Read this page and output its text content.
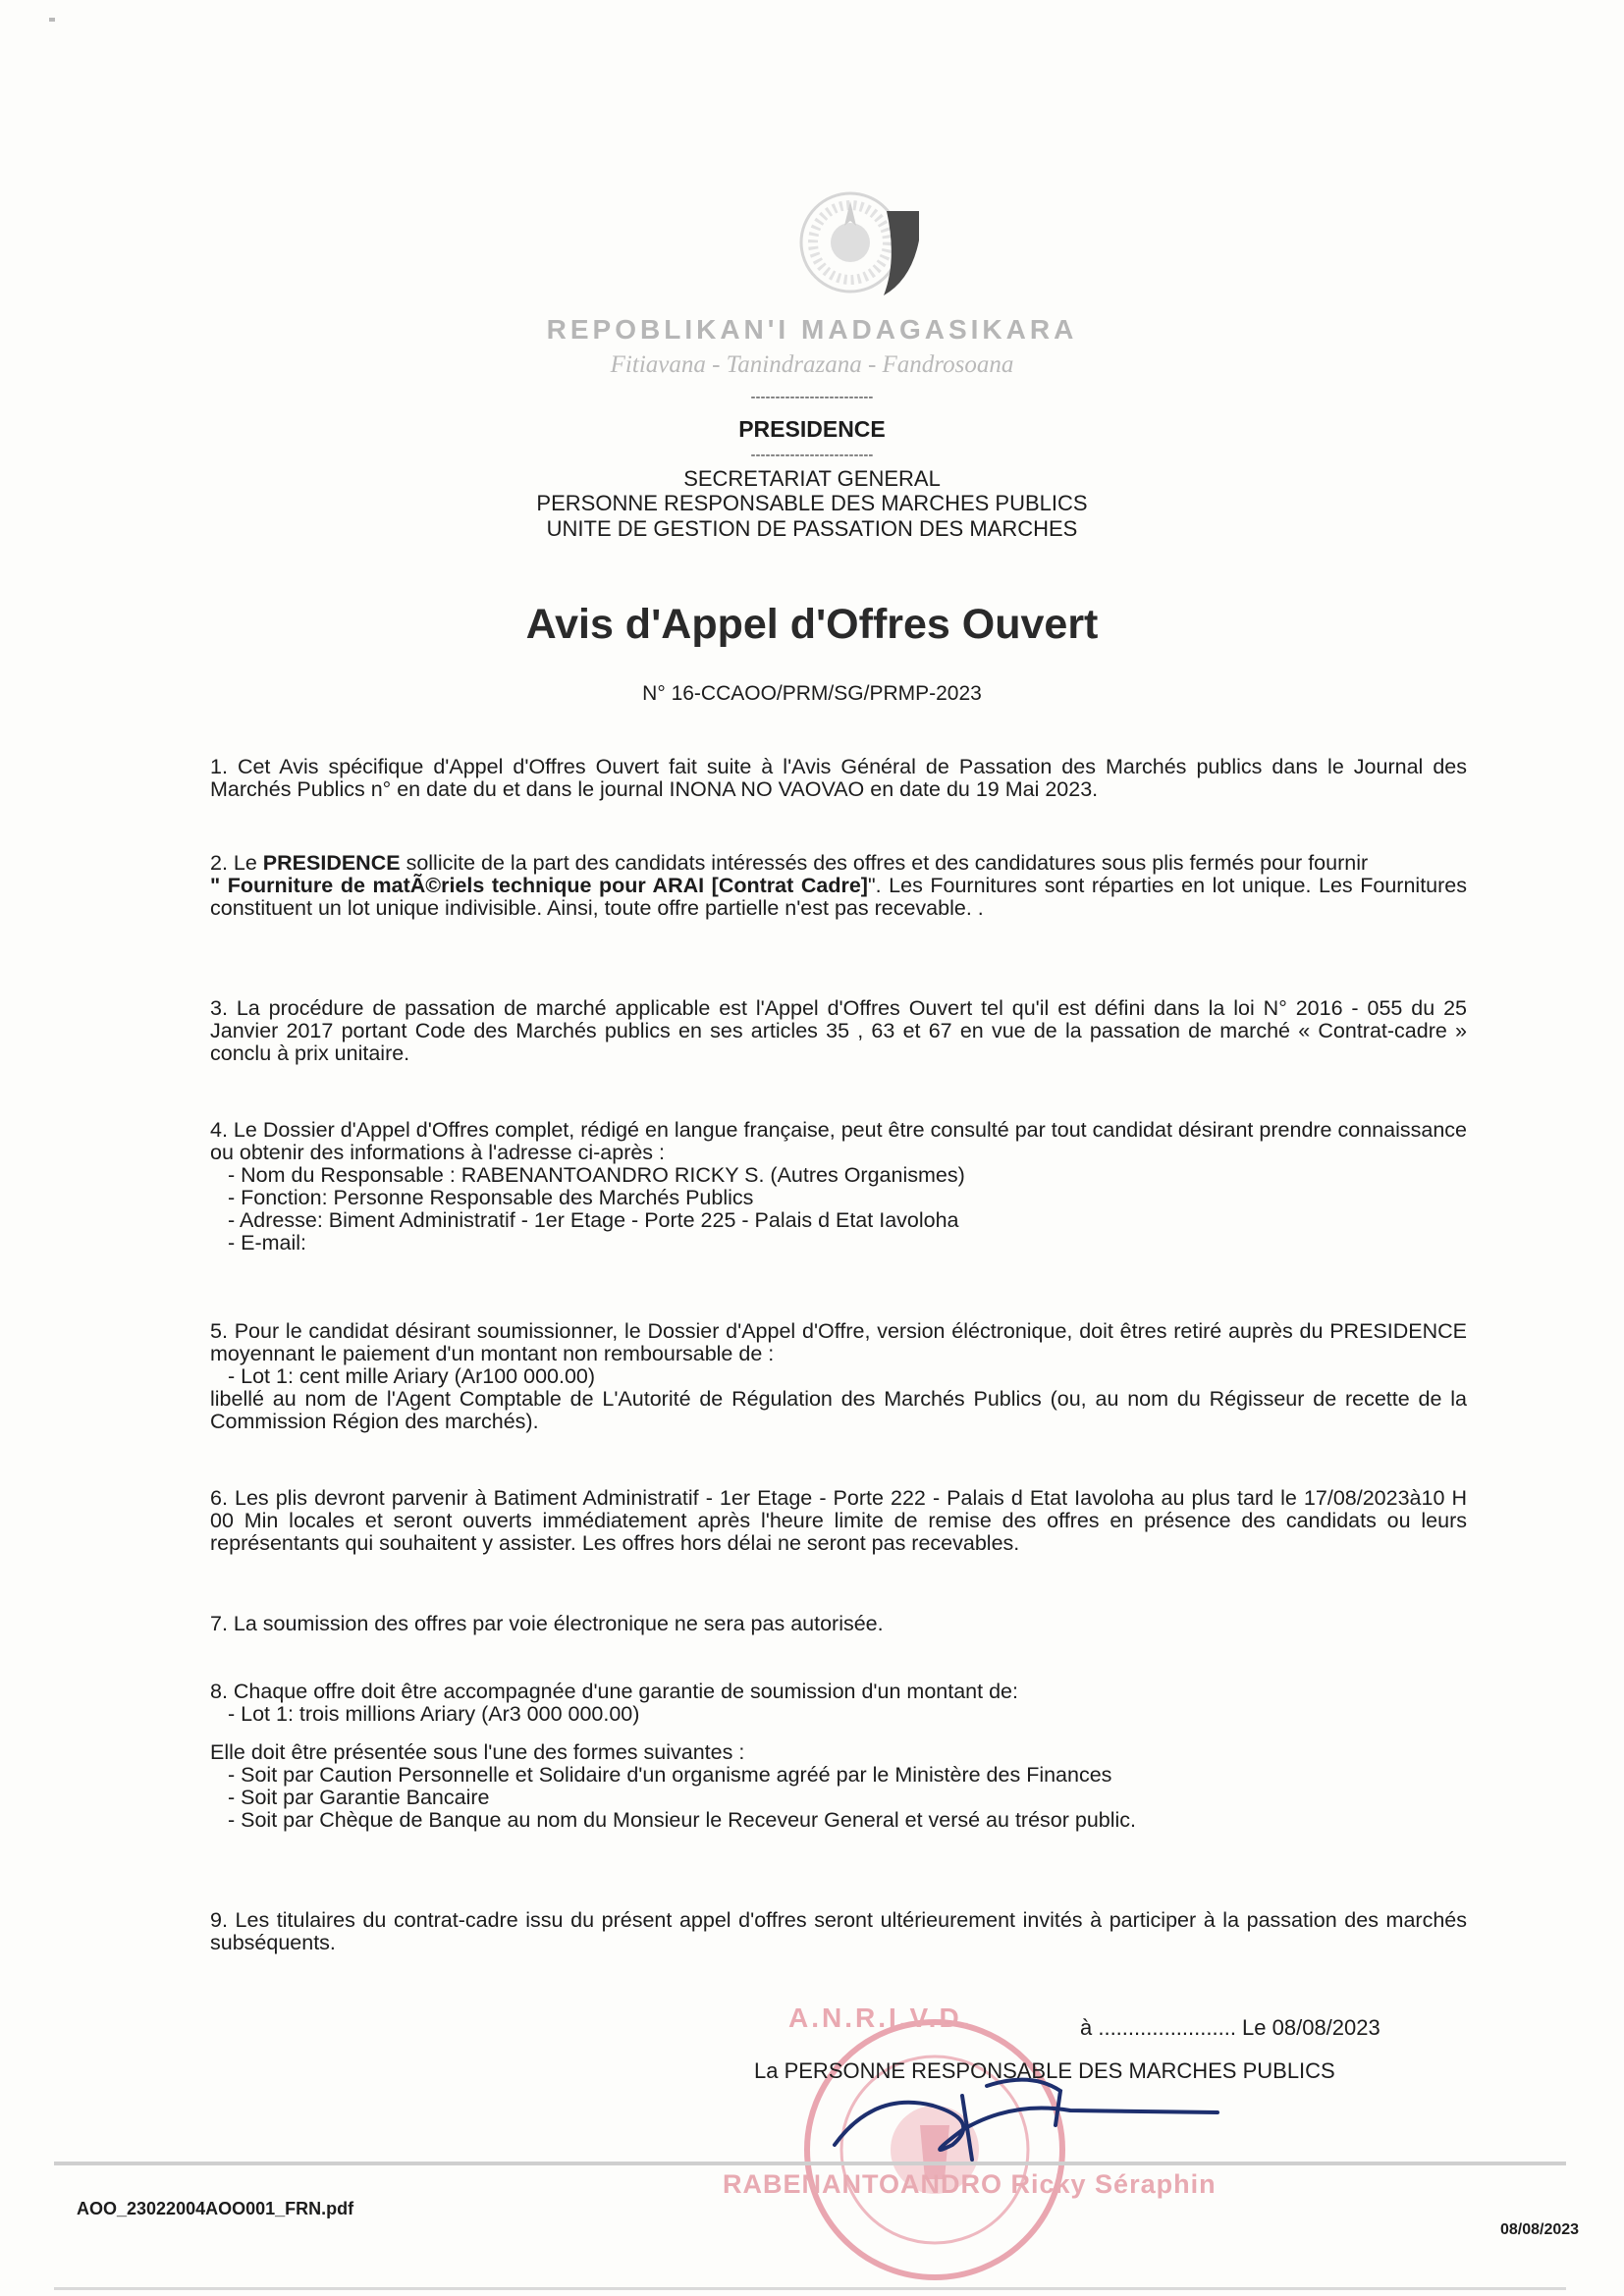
REPOBLIKAN'I MADAGASIKARA
Fitiavana - Tanindrazana - Fandrosoana
-------------------------
PRESIDENCE
-------------------------
SECRETARIAT GENERAL
PERSONNE RESPONSABLE DES MARCHES PUBLICS
UNITE DE GESTION DE PASSATION DES MARCHES
Avis d'Appel d'Offres Ouvert
N° 16-CCAOO/PRM/SG/PRMP-2023
1. Cet Avis spécifique d'Appel d'Offres Ouvert fait suite à l'Avis Général de Passation des Marchés publics dans le Journal des Marchés Publics n° en date du et dans le journal INONA NO VAOVAO en date du 19 Mai 2023.
2. Le PRESIDENCE sollicite de la part des candidats intéressés des offres et des candidatures sous plis fermés pour fournir
" Fourniture de matÃ©riels technique pour ARAI [Contrat Cadre]". Les Fournitures sont réparties en lot unique. Les Fournitures constituent un lot unique indivisible. Ainsi, toute offre partielle n'est pas recevable. .
3. La procédure de passation de marché applicable est l'Appel d'Offres Ouvert tel qu'il est défini dans la loi N° 2016 - 055 du 25 Janvier 2017 portant Code des Marchés publics en ses articles 35 , 63 et 67 en vue de la passation de marché « Contrat-cadre » conclu à prix unitaire.
4. Le Dossier d'Appel d'Offres complet, rédigé en langue française, peut être consulté par tout candidat désirant prendre connaissance ou obtenir des informations à l'adresse ci-après :
- Nom du Responsable : RABENANTOANDRO RICKY S. (Autres Organismes)
- Fonction: Personne Responsable des Marchés Publics
- Adresse: Biment Administratif - 1er Etage - Porte 225 - Palais d Etat Iavoloha
- E-mail:
5. Pour le candidat désirant soumissionner, le Dossier d'Appel d'Offre, version éléctronique, doit êtres retiré auprès du PRESIDENCE moyennant le paiement d'un montant non remboursable de :
- Lot 1: cent mille Ariary (Ar100 000.00)
libellé au nom de l'Agent Comptable de L'Autorité de Régulation des Marchés Publics (ou, au nom du Régisseur de recette de la Commission Région des marchés).
6. Les plis devront parvenir à Batiment Administratif - 1er Etage - Porte 222 - Palais d Etat Iavoloha au plus tard le 17/08/2023à10 H 00 Min locales et seront ouverts immédiatement après l'heure limite de remise des offres en présence des candidats ou leurs représentants qui souhaitent y assister. Les offres hors délai ne seront pas recevables.
7. La soumission des offres par voie électronique ne sera pas autorisée.
8. Chaque offre doit être accompagnée d'une garantie de soumission d'un montant de:
- Lot 1: trois millions Ariary (Ar3 000 000.00)
Elle doit être présentée sous l'une des formes suivantes :
- Soit par Caution Personnelle et Solidaire d'un organisme agréé par le Ministère des Finances
- Soit par Garantie Bancaire
- Soit par Chèque de Banque au nom du Monsieur le Receveur General et versé au trésor public.
9. Les titulaires du contrat-cadre issu du présent appel d'offres seront ultérieurement invités à participer à la passation des marchés subséquents.
A.N.R.I.V.D.	à ....................... Le 08/08/2023
La PERSONNE RESPONSABLE DES MARCHES PUBLICS
RABENANTOANDRO Ricky Séraphin
AOO_23022004AOO001_FRN.pdf
08/08/2023
